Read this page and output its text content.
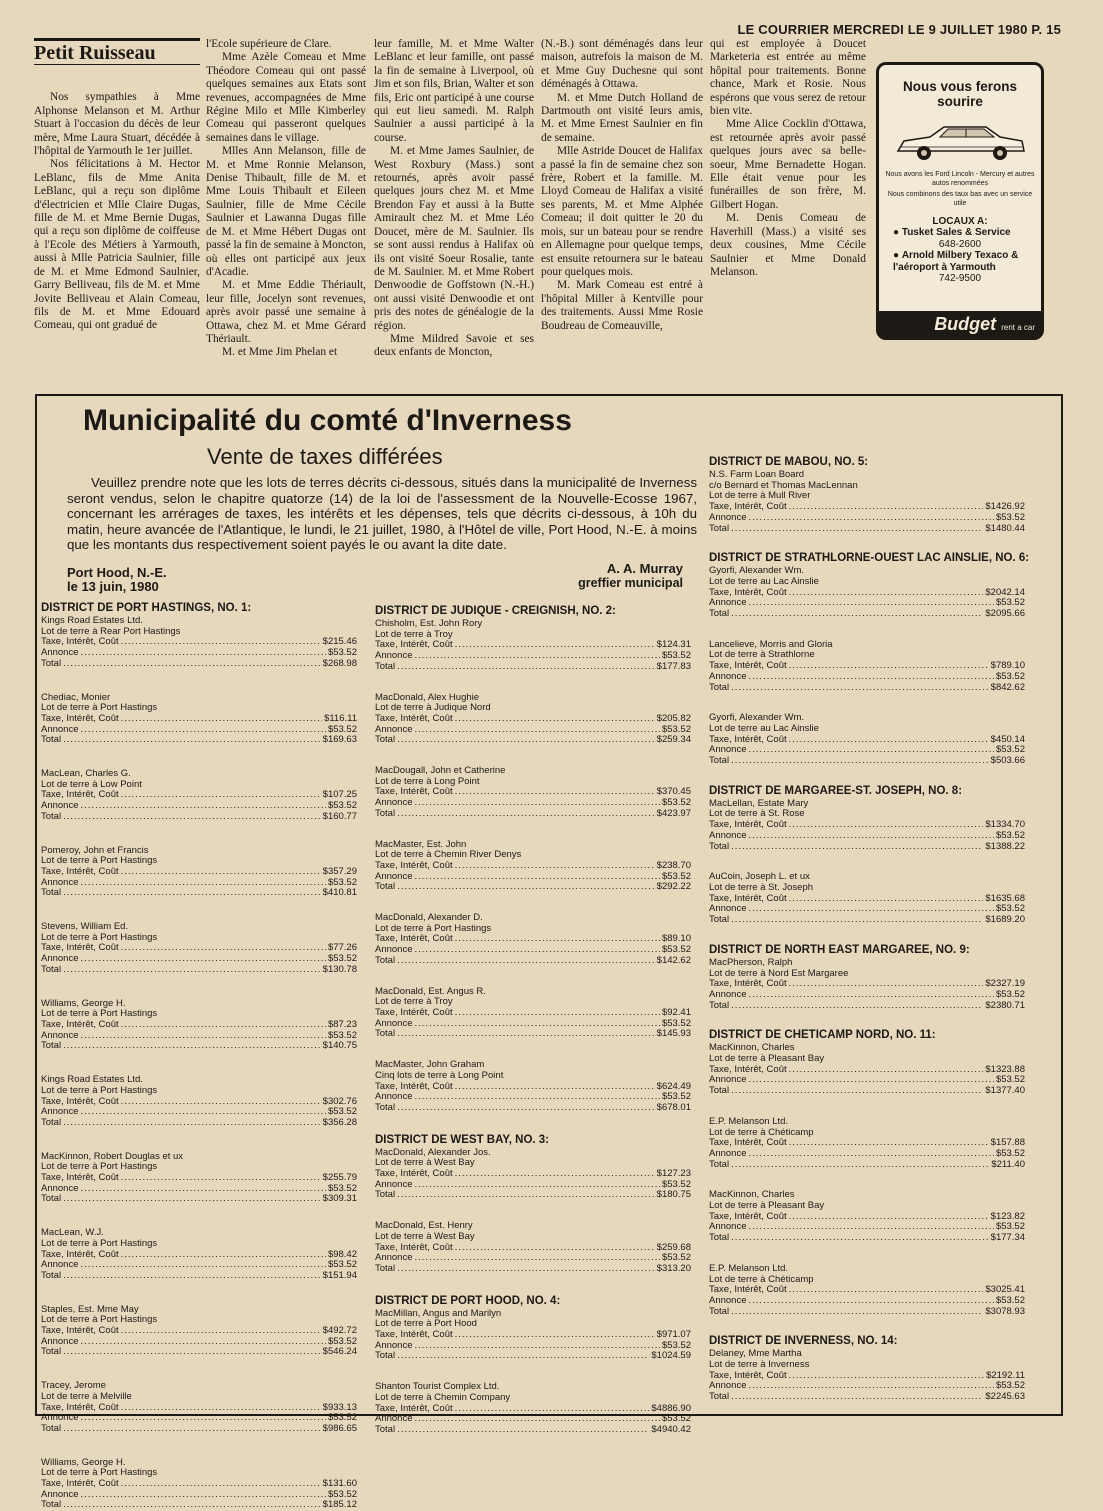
LE COURRIER MERCREDI LE 9 JUILLET 1980 P. 15
Petit Ruisseau

Nos sympathies à Mme Alphonse Melanson et M. Arthur Stuart à l'occasion du décès de leur mère, Mme Laura Stuart, décédée à l'hôpital de Yarmouth le 1er juillet.

Nos félicitations à M. Hector LeBlanc, fils de Mme Anita LeBlanc, qui a reçu son diplôme d'électricien et Mlle Claire Dugas, fille de M. et Mme Bernie Dugas, qui a reçu son diplôme de coiffeuse à l'Ecole des Métiers à Yarmouth, aussi à Mlle Patricia Saulnier, fille de M. et Mme Edmond Saulnier, Garry Belliveau, fils de M. et Mme Jovite Belliveau et Alain Comeau, fils de M. et Mme Edouard Comeau, qui ont gradué de

l'Ecole supérieure de Clare.

Mme Azèle Comeau et Mme Théodore Comeau qui ont passé quelques semaines aux Etats sont revenues, accompagnées de Mme Régine Milo et Mlle Kimberley Comeau qui passeront quelques semaines dans le village.

Mlles Ann Melanson, fille de M. et Mme Ronnie Melanson, Denise Thibault, fille de M. et Mme Louis Thibault et Eileen Saulnier, fille de Mme Cécile Saulnier et Lawanna Dugas fille de M. et Mme Hébert Dugas ont passé la fin de semaine à Moncton, où elles ont participé aux jeux d'Acadie.

M. et Mme Eddie Thériault, leur fille, Jocelyn sont revenues, après avoir passé une semaine à Ottawa, chez M. et Mme Gérard Thériault.

M. et Mme Jim Phelan et

leur famille, M. et Mme Walter LeBlanc et leur famille, ont passé la fin de semaine à Liverpool, où Jim et son fils, Brian, Walter et son fils, Eric ont participé à une course qui eut lieu samedi. M. Ralph Saulnier a aussi participé à la course.

M. et Mme James Saulnier, de West Roxbury (Mass.) sont retournés, après avoir passé quelques jours chez M. et Mme Brendon Fay et aussi à la Butte Amirault chez M. et Mme Léo Doucet, mère de M. Saulnier. Ils se sont aussi rendus à Halifax où ils ont visité Soeur Rosalie, tante de M. Saulnier. M. et Mme Robert Denwoodie de Goffstown (N.-H.) ont aussi visité Denwoodie et ont pris des notes de généalogie de la région.

Mme Mildred Savoie et ses deux enfants de Moncton,

(N.-B.) sont déménagés dans leur maison, autrefois la maison de M. et Mme Guy Duchesne qui sont déménagés à Ottawa.

M. et Mme Dutch Holland de Dartmouth ont visité leurs amis, M. et Mme Ernest Saulnier en fin de semaine.

Mlle Astride Doucet de Halifax a passé la fin de semaine chez son frère, Robert et la famille. M. Lloyd Comeau de Halifax a visité ses parents, M. et Mme Alphée Comeau; il doit quitter le 20 du mois, sur un bateau pour se rendre en Allemagne pour quelque temps, est ensuite retournera sur le bateau pour quelques mois.

M. Mark Comeau est entré à l'hôpital Miller à Kentville pour des traitements. Aussi Mme Rosie Boudreau de Comeauville,

qui est employée à Doucet Marketeria est entrée au même hôpital pour traitements. Bonne chance, Mark et Rosie. Nous espérons que vous serez de retour bien vite.

Mme Alice Cocklin d'Ottawa, est retournée après avoir passé quelques jours avec sa belle-soeur, Mme Bernadette Hogan. Elle était venue pour les funérailles de son frère, M. Gilbert Hogan.

M. Denis Comeau de Haverhill (Mass.) a visité ses deux cousines, Mme Cécile Saulnier et Mme Donald Melanson.

Nous vous ferons sourire
Nous avons les Ford Lincoln - Mercury et autres autos renommées
Nous combinons des taux bas avec un service utile
LOCAUX A:
● Tusket Sales & Service
648-2600
● Arnold Milbery Texaco & l'aéroport à Yarmouth
742-9500
Budget rent a car
Municipalité du comté d'Inverness
Vente de taxes différées
Veuillez prendre note que les lots de terres décrits ci-dessous, situés dans la municipalité de Inverness seront vendus, selon le chapitre quatorze (14) de la loi de l'assessment de la Nouvelle-Ecosse 1967, concernant les arrérages de taxes, les intérêts et les dépenses, tels que décrits ci-dessous, à 10h du matin, heure avancée de l'Atlantique, le lundi, le 21 juillet, 1980, à l'Hôtel de ville, Port Hood, N.-E. à moins que les montants dus respectivement soient payés le ou avant la dite date.
Port Hood, N.-E.
le 13 juin, 1980
A. A. Murray
greffier municipal
DISTRICT DE PORT HASTINGS, NO. 1:
Kings Road Estates Ltd.
Lot de terre à Rear Port Hastings
Taxe, Intérêt, Coût .....	$215.46
Annonce .....	$53.52
Total .....	$268.98
Chediac, Monier
Lot de terre à Port Hastings
Taxe, Intérêt, Coût .....	$116.11
Annonce .....	$53.52
Total .....	$169.63
MacLean, Charles G.
Lot de terre à Low Point
Taxe, Intérêt, Coût .....	$107.25
Annonce .....	$53.52
Total .....	$160.77
Pomeroy, John et Francis
Lot de terre à Port Hastings
Taxe, Intérêt, Coût .....	$357.29
Annonce .....	$53.52
Total .....	$410.81
Stevens, William Ed.
Lot de terre à Port Hastings
Taxe, Intérêt, Coût .....	$77.26
Annonce .....	$53.52
Total .....	$130.78
Williams, George H.
Lot de terre à Port Hastings
Taxe, Intérêt, Coût .....	$87.23
Annonce .....	$53.52
Total .....	$140.75
Kings Road Estates Ltd.
Lot de terre à Port Hastings
Taxe, Intérêt, Coût .....	$302.76
Annonce .....	$53.52
Total .....	$356.28
MacKinnon, Robert Douglas et ux
Lot de terre à Port Hastings
Taxe, Intérêt, Coût .....	$255.79
Annonce .....	$53.52
Total .....	$309.31
MacLean, W.J.
Lot de terre à Port Hastings
Taxe, Intérêt, Coût .....	$98.42
Annonce .....	$53.52
Total .....	$151.94
Staples, Est. Mme May
Lot de terre à Port Hastings
Taxe, Intérêt, Coût .....	$492.72
Annonce .....	$53.52
Total .....	$546.24
Tracey, Jerome
Lot de terre à Melville
Taxe, Intérêt, Coût .....	$933.13
Annonce .....	$53.52
Total .....	$986.65
Williams, George H.
Lot de terre à Port Hastings
Taxe, Intérêt, Coût .....	$131.60
Annonce .....	$53.52
Total .....	$185.12
DISTRICT DE JUDIQUE - CREIGNISH, NO. 2:
Chisholm, Est. John Rory
Lot de terre à Troy
Taxe, Intérêt, Coût .....	$124.31
Annonce .....	$53.52
Total .....	$177.83
MacDonald, Alex Hughie
Lot de terre à Judique Nord
Taxe, Intérêt, Coût .....	$205.82
Annonce .....	$53.52
Total .....	$259.34
MacDougall, John et Catherine
Lot de terre à Long Point
Taxe, Intérêt, Coût .....	$370.45
Annonce .....	$53.52
Total .....	$423.97
MacMaster, Est. John
Lot de terre à Chemin River Denys
Taxe, Intérêt, Coût .....	$238.70
Annonce .....	$53.52
Total .....	$292.22
MacDonald, Alexander D.
Lot de terre à Port Hastings
Taxe, Intérêt, Coût .....	$89.10
Annonce .....	$53.52
Total .....	$142.62
MacDonald, Est. Angus R.
Lot de terre à Troy
Taxe, Intérêt, Coût .....	$92.41
Annonce .....	$53.52
Total .....	$145.93
MacMaster, John Graham
Cinq lots de terre à Long Point
Taxe, Intérêt, Coût .....	$624.49
Annonce .....	$53.52
Total .....	$678.01
DISTRICT DE WEST BAY, NO. 3:
MacDonald, Alexander Jos.
Lot de terre à West Bay
Taxe, Intérêt, Coût .....	$127.23
Annonce .....	$53.52
Total .....	$180.75
MacDonald, Est. Henry
Lot de terre à West Bay
Taxe, Intérêt, Coût .....	$259.68
Annonce .....	$53.52
Total .....	$313.20
DISTRICT DE PORT HOOD, NO. 4:
MacMillan, Angus and Marilyn
Lot de terre à Port Hood
Taxe, Intérêt, Coût .....	$971.07
Annonce .....	$53.52
Total .....	$1024.59
Shanton Tourist Complex Ltd.
Lot de terre à Chemin Company
Taxe, Intérêt, Coût .....	$4886.90
Annonce .....	$53.52
Total .....	$4940.42
DISTRICT DE MABOU, NO. 5:
N.S. Farm Loan Board
c/o Bernard et Thomas MacLennan
Lot de terre à Mull River
Taxe, Intérêt, Coût .....	$1426.92
Annonce .....	$53.52
Total .....	$1480.44
DISTRICT DE STRATHLORNE-OUEST LAC AINSLIE, NO. 6:
Gyorfi, Alexander Wm.
Lot de terre au Lac Ainslie
Taxe, Intérêt, Coût .....	$2042.14
Annonce .....	$53.52
Total .....	$2095.66
Lancelieve, Morris and Gloria
Lot de terre à Strathlorne
Taxe, Intérêt, Coût .....	$789.10
Annonce .....	$53.52
Total .....	$842.62
Gyorfi, Alexander Wm.
Lot de terre au Lac Ainslie
Taxe, Intérêt, Coût .....	$450.14
Annonce .....	$53.52
Total .....	$503.66
DISTRICT DE MARGAREE-ST. JOSEPH, NO. 8:
MacLellan, Estate Mary
Lot de terre à St. Rose
Taxe, Intérêt, Coût .....	$1334.70
Annonce .....	$53.52
Total .....	$1388.22
AuCoin, Joseph L. et ux
Lot de terre à St. Joseph
Taxe, Intérêt, Coût .....	$1635.68
Annonce .....	$53.52
Total .....	$1689.20
DISTRICT DE NORTH EAST MARGAREE, NO. 9:
MacPherson, Ralph
Lot de terre à Nord Est Margaree
Taxe, Intérêt, Coût .....	$2327.19
Annonce .....	$53.52
Total .....	$2380.71
DISTRICT DE CHETICAMP NORD, NO. 11:
MacKinnon, Charles
Lot de terre à Pleasant Bay
Taxe, Intérêt, Coût .....	$1323.88
Annonce .....	$53.52
Total .....	$1377.40
E.P. Melanson Ltd.
Lot de terre à Chéticamp
Taxe, Intérêt, Coût .....	$157.88
Annonce .....	$53.52
Total .....	$211.40
MacKinnon, Charles
Lot de terre à Pleasant Bay
Taxe, Intérêt, Coût .....	$123.82
Annonce .....	$53.52
Total .....	$177.34
E.P. Melanson Ltd.
Lot de terre à Chéticamp
Taxe, Intérêt, Coût .....	$3025.41
Annonce .....	$53.52
Total .....	$3078.93
DISTRICT DE INVERNESS, NO. 14:
Delaney, Mme Martha
Lot de terre à Inverness
Taxe, Intérêt, Coût .....	$2192.11
Annonce .....	$53.52
Total .....	$2245.63
